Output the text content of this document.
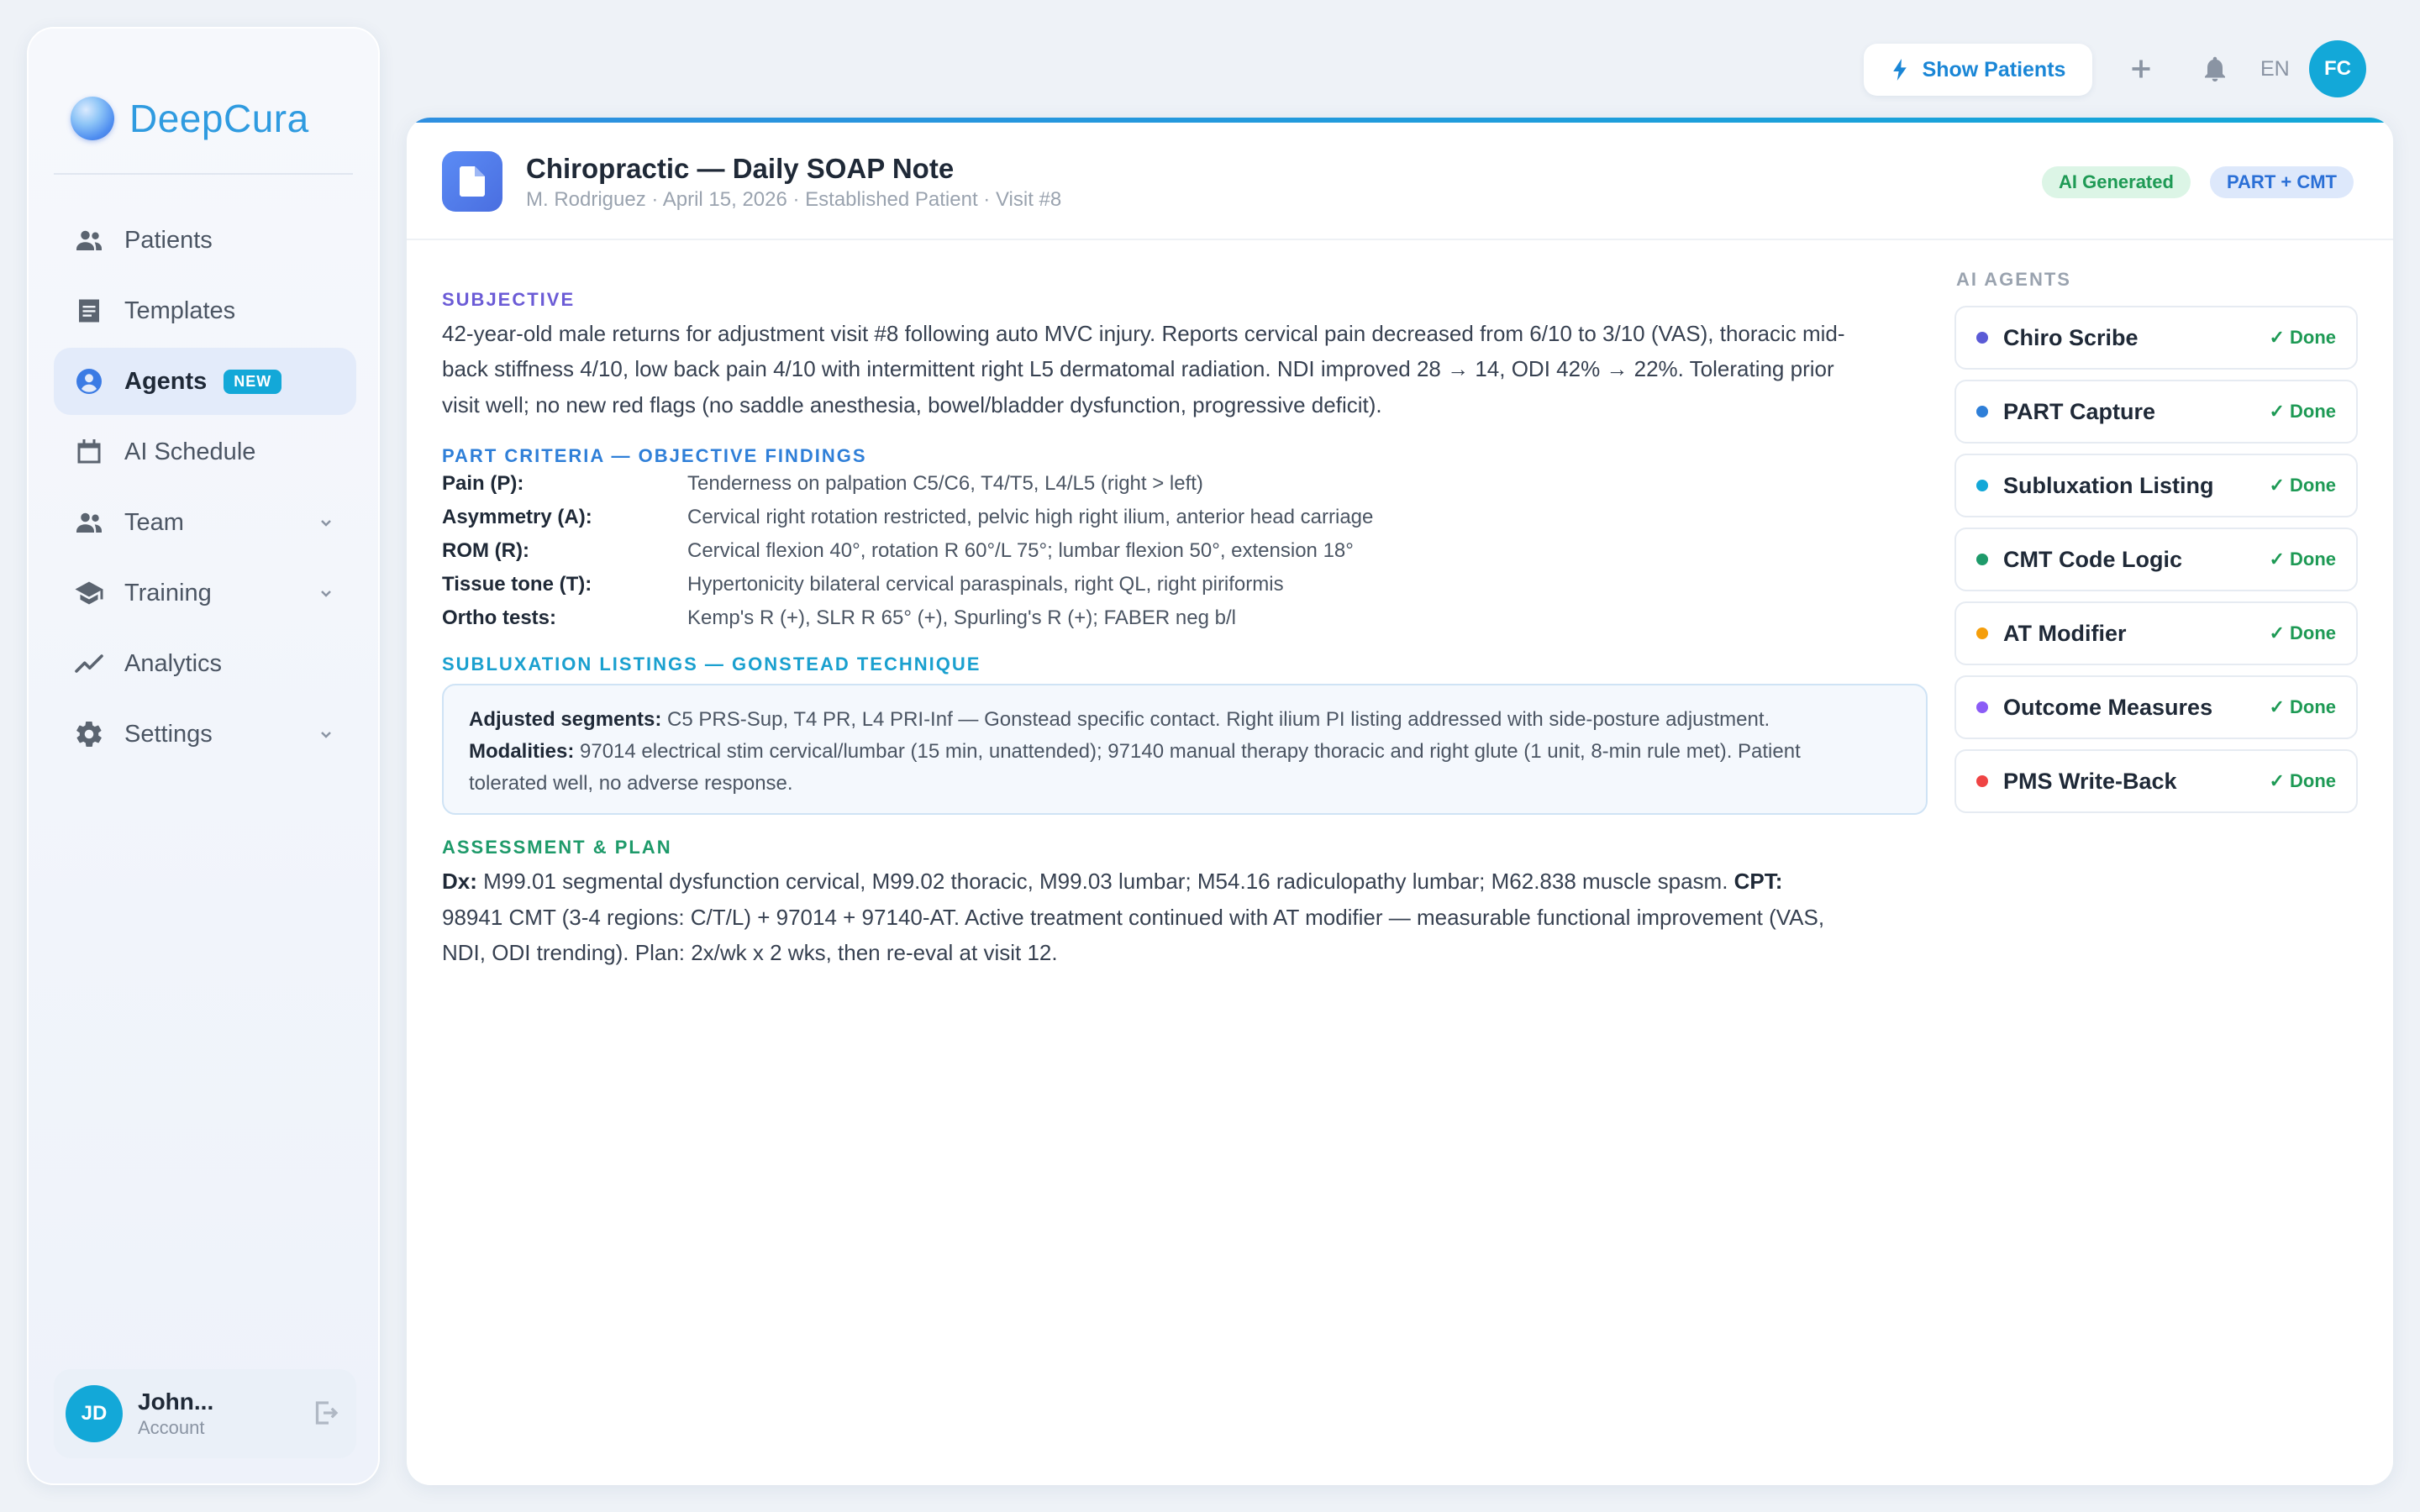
DeepCura
Patients
Templates
Agents	NEW
AI Schedule
Team
Training
Analytics
Settings
JD	John...
Account
Show Patients	EN	FC
Chiropractic — Daily SOAP Note
M. Rodriguez · April 15, 2026 · Established Patient · Visit #8
AI Generated	PART + CMT
SUBJECTIVE
42-year-old male returns for adjustment visit #8 following auto MVC injury. Reports cervical pain decreased from 6/10 to 3/10 (VAS), thoracic mid-
back stiffness 4/10, low back pain 4/10 with intermittent right L5 dermatomal radiation. NDI improved 28 → 14, ODI 42% → 22%. Tolerating prior
visit well; no new red flags (no saddle anesthesia, bowel/bladder dysfunction, progressive deficit).
PART CRITERIA — OBJECTIVE FINDINGS
Pain (P):	Tenderness on palpation C5/C6, T4/T5, L4/L5 (right > left)
Asymmetry (A):	Cervical right rotation restricted, pelvic high right ilium, anterior head carriage
ROM (R):	Cervical flexion 40°, rotation R 60°/L 75°; lumbar flexion 50°, extension 18°
Tissue tone (T):	Hypertonicity bilateral cervical paraspinals, right QL, right piriformis
Ortho tests:	Kemp's R (+), SLR R 65° (+), Spurling's R (+); FABER neg b/l
SUBLUXATION LISTINGS — GONSTEAD TECHNIQUE
Adjusted segments: C5 PRS-Sup, T4 PR, L4 PRI-Inf — Gonstead specific contact. Right ilium PI listing addressed with side-posture adjustment.
Modalities: 97014 electrical stim cervical/lumbar (15 min, unattended); 97140 manual therapy thoracic and right glute (1 unit, 8-min rule met). Patient
tolerated well, no adverse response.
ASSESSMENT & PLAN
Dx: M99.01 segmental dysfunction cervical, M99.02 thoracic, M99.03 lumbar; M54.16 radiculopathy lumbar; M62.838 muscle spasm. CPT:
98941 CMT (3-4 regions: C/T/L) + 97014 + 97140-AT. Active treatment continued with AT modifier — measurable functional improvement (VAS,
NDI, ODI trending). Plan: 2x/wk x 2 wks, then re-eval at visit 12.
AI AGENTS
Chiro Scribe	✓ Done
PART Capture	✓ Done
Subluxation Listing	✓ Done
CMT Code Logic	✓ Done
AT Modifier	✓ Done
Outcome Measures	✓ Done
PMS Write-Back	✓ Done
